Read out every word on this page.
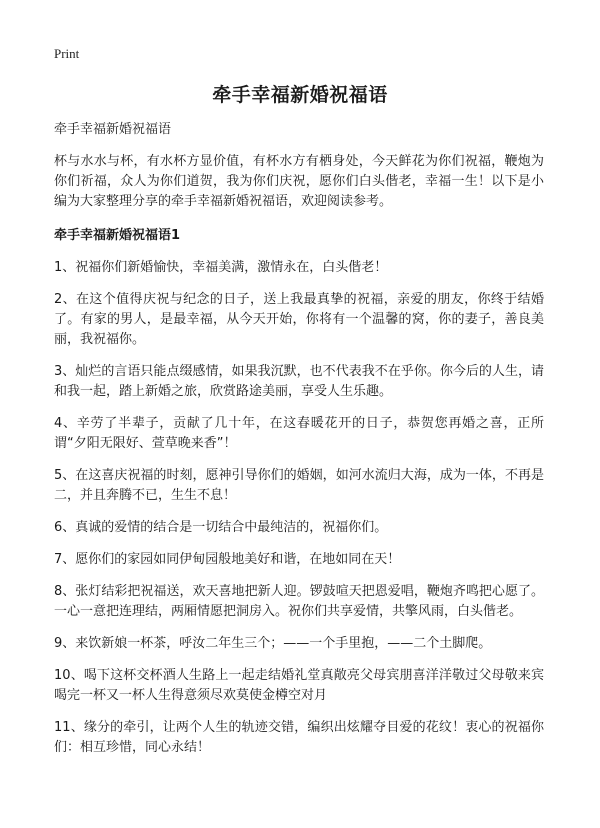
Print
牵手幸福新婚祝福语

牵手幸福新婚祝福语

杯与水水与杯，有水杯方显价值，有杯水方有栖身处，今天鲜花为你们祝福，鞭炮为你们祈福，众人为你们道贺，我为你们庆祝，愿你们白头偕老，幸福一生！以下是小编为大家整理分享的牵手幸福新婚祝福语，欢迎阅读参考。

牵手幸福新婚祝福语1

1、祝福你们新婚愉快，幸福美满，激情永在，白头偕老！
2、在这个值得庆祝与纪念的日子，送上我最真挚的祝福，亲爱的朋友，你终于结婚了。有家的男人，是最幸福，从今天开始，你将有一个温馨的窝，你的妻子，善良美丽，我祝福你。
3、灿烂的言语只能点缀感情，如果我沉默，也不代表我不在乎你。你今后的人生，请和我一起，踏上新婚之旅，欣赏路途美丽，享受人生乐趣。
4、辛劳了半辈子，贡献了几十年，在这春暖花开的日子，恭贺您再婚之喜，正所谓“夕阳无限好、萱草晚来香”！
5、在这喜庆祝福的时刻，愿神引导你们的婚姻，如河水流归大海，成为一体，不再是二，并且奔腾不已，生生不息！
6、真诚的爱情的结合是一切结合中最纯洁的，祝福你们。
7、愿你们的家园如同伊甸园般地美好和谐，在地如同在天！
8、张灯结彩把祝福送，欢天喜地把新人迎。锣鼓喧天把恩爱唱，鞭炮齐鸣把心愿了。一心一意把连理结，两厢情愿把洞房入。祝你们共享爱情，共擎风雨，白头偕老。
9、来饮新娘一杯茶，呼汝二年生三个；——一个手里抱，——二个土脚爬。
10、喝下这杯交杯酒人生路上一起走结婚礼堂真敞亮父母宾朋喜洋洋敬过父母敬来宾喝完一杯又一杯人生得意须尽欢莫使金樽空对月
11、缘分的牵引，让两个人生的轨迹交错，编织出炫耀夺目爱的花纹！衷心的祝福你们：相互珍惜，同心永结！
